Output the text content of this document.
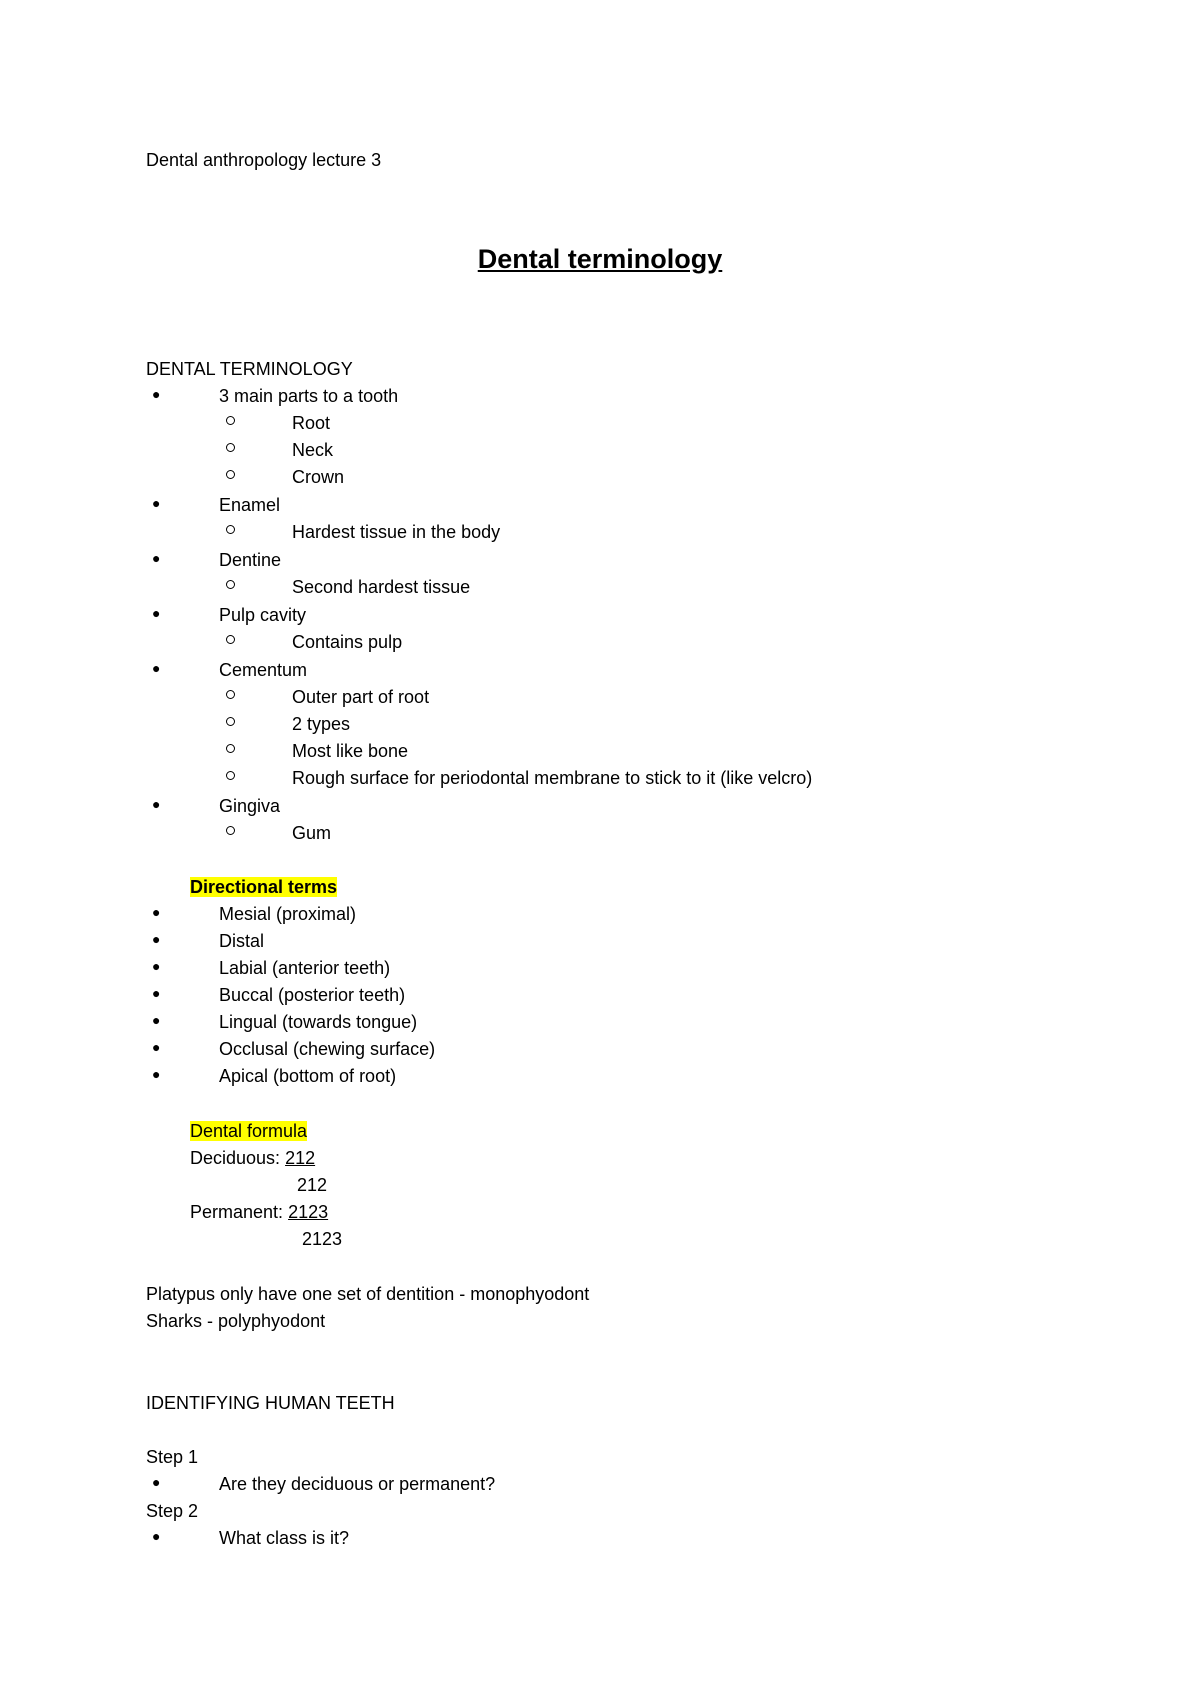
Dental anthropology lecture 3
Dental terminology
DENTAL TERMINOLOGY
●	3 main parts to a tooth
Root
Neck
Crown
●	Enamel
Hardest tissue in the body
●	Dentine
Second hardest tissue
●	Pulp cavity
Contains pulp
●	Cementum
Outer part of root
2 types
Most like bone
Rough surface for periodontal membrane to stick to it (like velcro)
●	Gingiva
Gum
Directional terms
●	Mesial (proximal)
●	Distal
●	Labial (anterior teeth)
●	Buccal (posterior teeth)
●	Lingual (towards tongue)
●	Occlusal (chewing surface)
●	Apical (bottom of root)
Dental formula
Deciduous: 212
212
Permanent: 2123
2123
Platypus only have one set of dentition - monophyodont
Sharks - polyphyodont
IDENTIFYING HUMAN TEETH
Step 1
●	Are they deciduous or permanent?
Step 2
●	What class is it?
